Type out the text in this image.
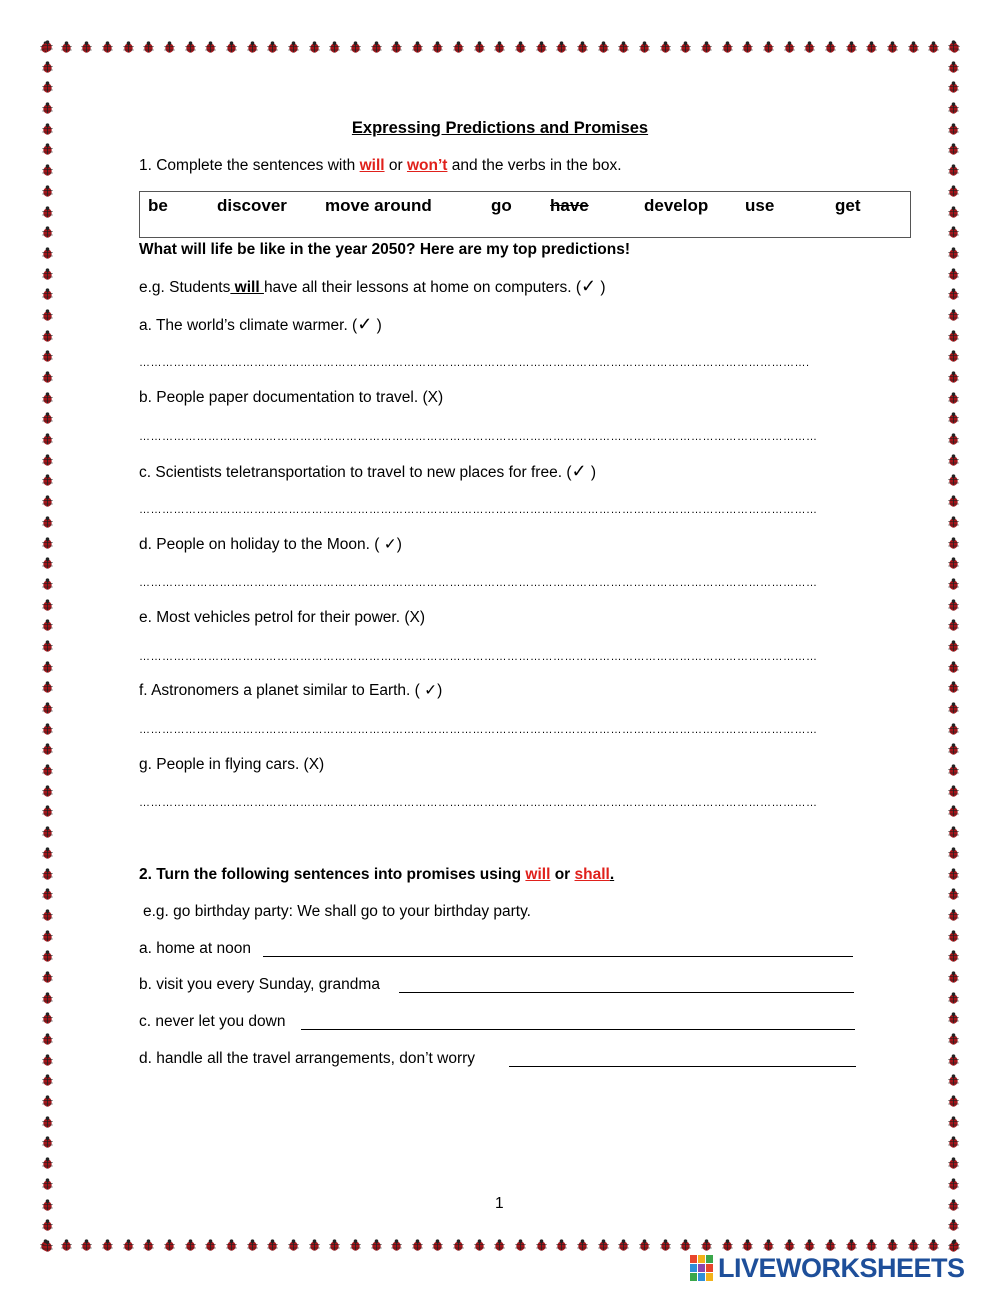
Expressing Predictions and Promises
1. Complete the sentences with will or won’t and the verbs in the box.
be	discover move around	go have	develop use	get
What will life be like in the year 2050? Here are my top predictions!
e.g. Students will have all their lessons at home on computers. (✓ )
a. The world’s climate warmer. (✓ )
………………………………………………………………………………………………………………………………………………………….
b. People paper documentation to travel. (X)
……………………………………………………………………………………………………………………………………………………………
c. Scientists teletransportation to travel to new places for free. (✓ )
……………………………………………………………………………………………………………………………………………………………
d. People on holiday to the Moon. ( ✓)
……………………………………………………………………………………………………………………………………………………………
e. Most vehicles petrol for their power. (X)
……………………………………………………………………………………………………………………………………………………………
f. Astronomers a planet similar to Earth. ( ✓)
……………………………………………………………………………………………………………………………………………………………
g. People in flying cars. (X)
……………………………………………………………………………………………………………………………………………………………
2. Turn the following sentences into promises using will or shall.
e.g. go birthday party: We shall go to your birthday party.
a. home at noon
b. visit you every Sunday, grandma
c. never let you down
d. handle all the travel arrangements, don’t worry
1
LIVEWORKSHEETS
